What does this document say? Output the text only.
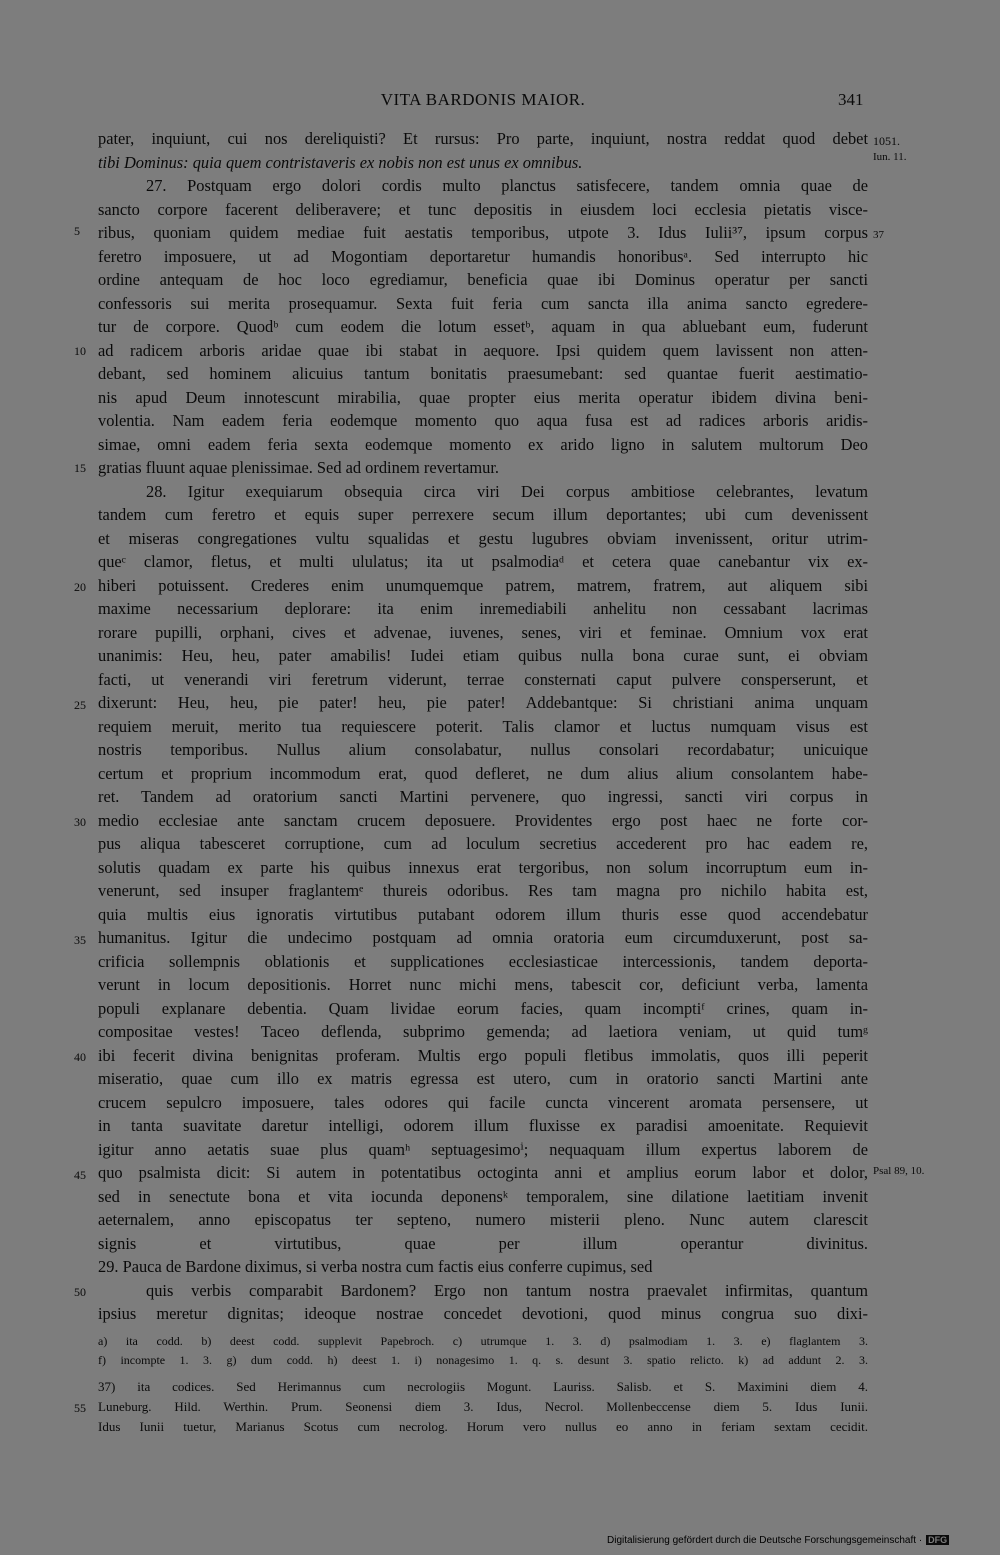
VITA BARDONIS MAIOR.	341
pater, inquiunt, cui nos dereliquisti? Et rursus: Pro parte, inquiunt, nostra reddat quod debet
tibi Dominus: quia quem contristaveris ex nobis non est unus ex omnibus.
27. Postquam ergo dolori cordis multo planctus satisfecere, tandem omnia quae de
sancto corpore facerent deliberavere; et tunc depositis in eiusdem loci ecclesia pietatis visce-
ribus, quoniam quidem mediae fuit aestatis temporibus, utpote 3. Idus Iulii³⁷, ipsum corpus
feretro imposuere, ut ad Mogontiam deportaretur humandis honoribusᵃ. Sed interrupto hic
ordine antequam de hoc loco egrediamur, beneficia quae ibi Dominus operatur per sancti
confessoris sui merita prosequamur. Sexta fuit feria cum sancta illa anima sancto egredere-
tur de corpore. Quodᵇ cum eodem die lotum essetᵇ, aquam in qua abluebant eum, fuderunt
ad radicem arboris aridae quae ibi stabat in aequore. Ipsi quidem quem lavissent non atten-
debant, sed hominem alicuius tantum bonitatis praesumebant: sed quantae fuerit aestimatio-
nis apud Deum innotescunt mirabilia, quae propter eius merita operatur ibidem divina beni-
volentia. Nam eadem feria eodemque momento quo aqua fusa est ad radices arboris aridis-
simae, omni eadem feria sexta eodemque momento ex arido ligno in salutem multorum Deo
gratias fluunt aquae plenissimae. Sed ad ordinem revertamur.
28. Igitur exequiarum obsequia circa viri Dei corpus ambitiose celebrantes, levatum
tandem cum feretro et equis super perrexere secum illum deportantes; ubi cum devenissent
et miseras congregationes vultu squalidas et gestu lugubres obviam invenissent, oritur utrim-
queᶜ clamor, fletus, et multi ululatus; ita ut psalmodiaᵈ et cetera quae canebantur vix ex-
hiberi potuissent. Crederes enim unumquemque patrem, matrem, fratrem, aut aliquem sibi
maxime necessarium deplorare: ita enim inremediabili anhelitu non cessabant lacrimas
rorare pupilli, orphani, cives et advenae, iuvenes, senes, viri et feminae. Omnium vox erat
unanimis: Heu, heu, pater amabilis! Iudei etiam quibus nulla bona curae sunt, ei obviam
facti, ut venerandi viri feretrum viderunt, terrae consternati caput pulvere consperserunt, et
dixerunt: Heu, heu, pie pater! heu, pie pater! Addebantque: Si christiani anima unquam
requiem meruit, merito tua requiescere poterit. Talis clamor et luctus numquam visus est
nostris temporibus. Nullus alium consolabatur, nullus consolari recordabatur; unicuique
certum et proprium incommodum erat, quod defleret, ne dum alius alium consolantem habe-
ret. Tandem ad oratorium sancti Martini pervenere, quo ingressi, sancti viri corpus in
medio ecclesiae ante sanctam crucem deposuere. Providentes ergo post haec ne forte cor-
pus aliqua tabesceret corruptione, cum ad loculum secretius accederent pro hac eadem re,
solutis quadam ex parte his quibus innexus erat tergoribus, non solum incorruptum eum in-
venerunt, sed insuper fraglantemᵉ thureis odoribus. Res tam magna pro nichilo habita est,
quia multis eius ignoratis virtutibus putabant odorem illum thuris esse quod accendebatur
humanitus. Igitur die undecimo postquam ad omnia oratoria eum circumduxerunt, post sa-
crificia sollempnis oblationis et supplicationes ecclesiasticae intercessionis, tandem deporta-
verunt in locum depositionis. Horret nunc michi mens, tabescit cor, deficiunt verba, lamenta
populi explanare debentia. Quam lividae eorum facies, quam incomptiᶠ crines, quam in-
compositae vestes! Taceo deflenda, subprimo gemenda; ad laetiora veniam, ut quid tumᵍ
ibi fecerit divina benignitas proferam. Multis ergo populi fletibus immolatis, quos illi peperit
miseratio, quae cum illo ex matris egressa est utero, cum in oratorio sancti Martini ante
crucem sepulcro imposuere, tales odores qui facile cuncta vincerent aromata persensere, ut
in tanta suavitate daretur intelligi, odorem illum fluxisse ex paradisi amoenitate. Requievit
igitur anno aetatis suae plus quamʰ septuagesimoⁱ; nequaquam illum expertus laborem de
quo psalmista dicit: Si autem in potentatibus octoginta anni et amplius eorum labor et dolor,
sed in senectute bona et vita iocunda deponensᵏ temporalem, sine dilatione laetitiam invenit
aeternalem, anno episcopatus ter septeno, numero misterii pleno. Nunc autem clarescit
signis et virtutibus, quae per illum operantur divinitus.
29. Pauca de Bardone diximus, si verba nostra cum factis eius conferre cupimus, sed
quis verbis comparabit Bardonem? Ergo non tantum nostra praevalet infirmitas, quantum
ipsius meretur dignitas; ideoque nostrae concedet devotioni, quod minus congrua suo dixi-
5
10
15
20
25
30
35
40
45
50
55
1051.
Iun. 11.
37
Psal 89, 10.
a) ita codd. b) deest codd. supplevit Papebroch. c) utrumque 1. 3. d) psalmodiam 1. 3. e) flaglantem 3.
f) incompte 1. 3. g) dum codd. h) deest 1. i) nonagesimo 1. q. s. desunt 3. spatio relicto. k) ad addunt 2. 3.
37) ita codices. Sed Herimannus cum necrologiis Mogunt. Lauriss. Salisb. et S. Maximini diem 4.
Luneburg. Hild. Werthin. Prum. Seonensi diem 3. Idus, Necrol. Mollenbeccense diem 5. Idus Iunii.
Idus Iunii tuetur, Marianus Scotus cum necrolog. Horum vero nullus eo anno in feriam sextam cecidit.
Digitalisierung gefördert durch die Deutsche Forschungsgemeinschaft · DFG
